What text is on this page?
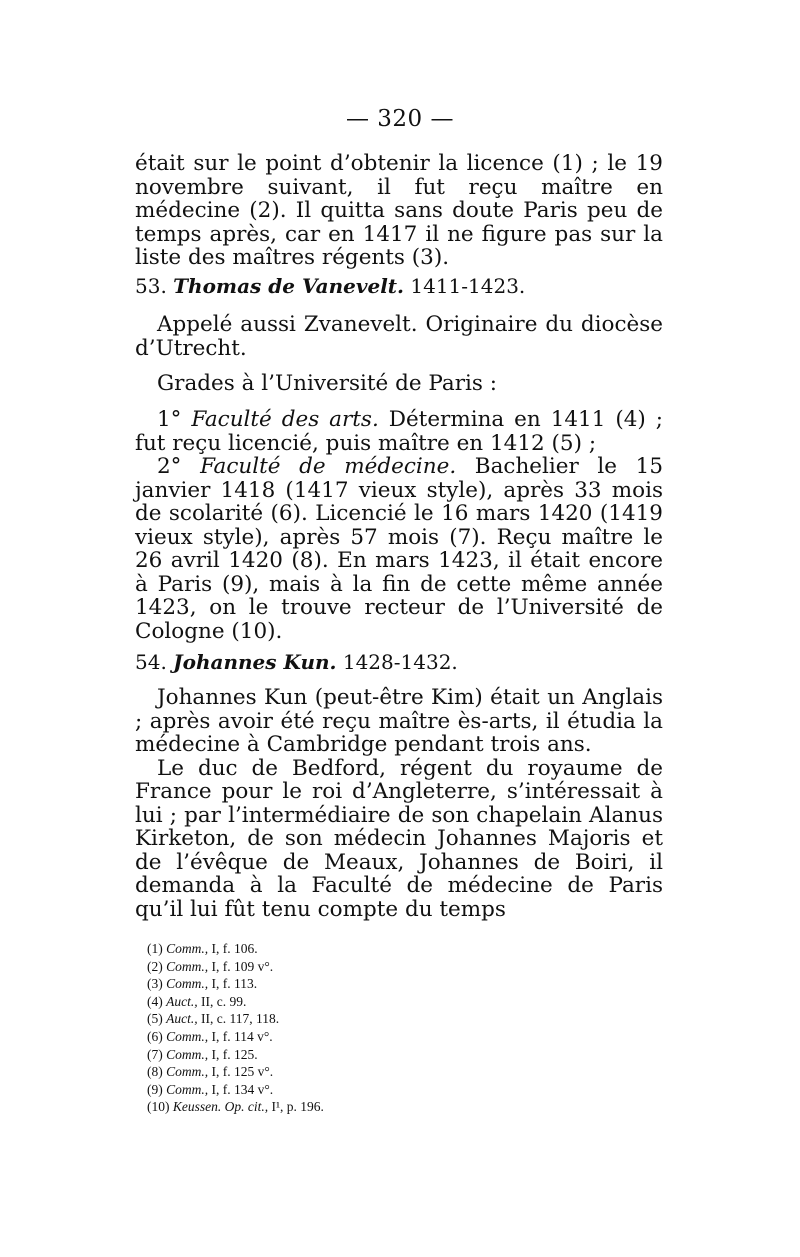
— 320 —

était sur le point d’obtenir la licence (1) ; le 19 novembre suivant, il fut reçu maître en médecine (2). Il quitta sans doute Paris peu de temps après, car en 1417 il ne figure pas sur la liste des maîtres régents (3).

53. Thomas de Vanevelt. 1411-1423.

Appelé aussi Zvanevelt. Originaire du diocèse d’Utrecht.

Grades à l’Université de Paris :

1° Faculté des arts. Détermina en 1411 (4) ; fut reçu licencié, puis maître en 1412 (5) ;

2° Faculté de médecine. Bachelier le 15 janvier 1418 (1417 vieux style), après 33 mois de scolarité (6). Licencié le 16 mars 1420 (1419 vieux style), après 57 mois (7). Reçu maître le 26 avril 1420 (8). En mars 1423, il était encore à Paris (9), mais à la fin de cette même année 1423, on le trouve recteur de l’Université de Cologne (10).

54. Johannes Kun. 1428-1432.

Johannes Kun (peut-être Kim) était un Anglais ; après avoir été reçu maître ès-arts, il étudia la médecine à Cambridge pendant trois ans.

Le duc de Bedford, régent du royaume de France pour le roi d’Angleterre, s’intéressait à lui ; par l’intermédiaire de son chapelain Alanus Kirketon, de son médecin Johannes Majoris et de l’évêque de Meaux, Johannes de Boiri, il demanda à la Faculté de médecine de Paris qu’il lui fût tenu compte du temps

(1) Comm., I, f. 106.
(2) Comm., I, f. 109 v°.
(3) Comm., I, f. 113.
(4) Auct., II, c. 99.
(5) Auct., II, c. 117, 118.
(6) Comm., I, f. 114 v°.
(7) Comm., I, f. 125.
(8) Comm., I, f. 125 v°.
(9) Comm., I, f. 134 v°.
(10) Keussen. Op. cit., I¹, p. 196.
